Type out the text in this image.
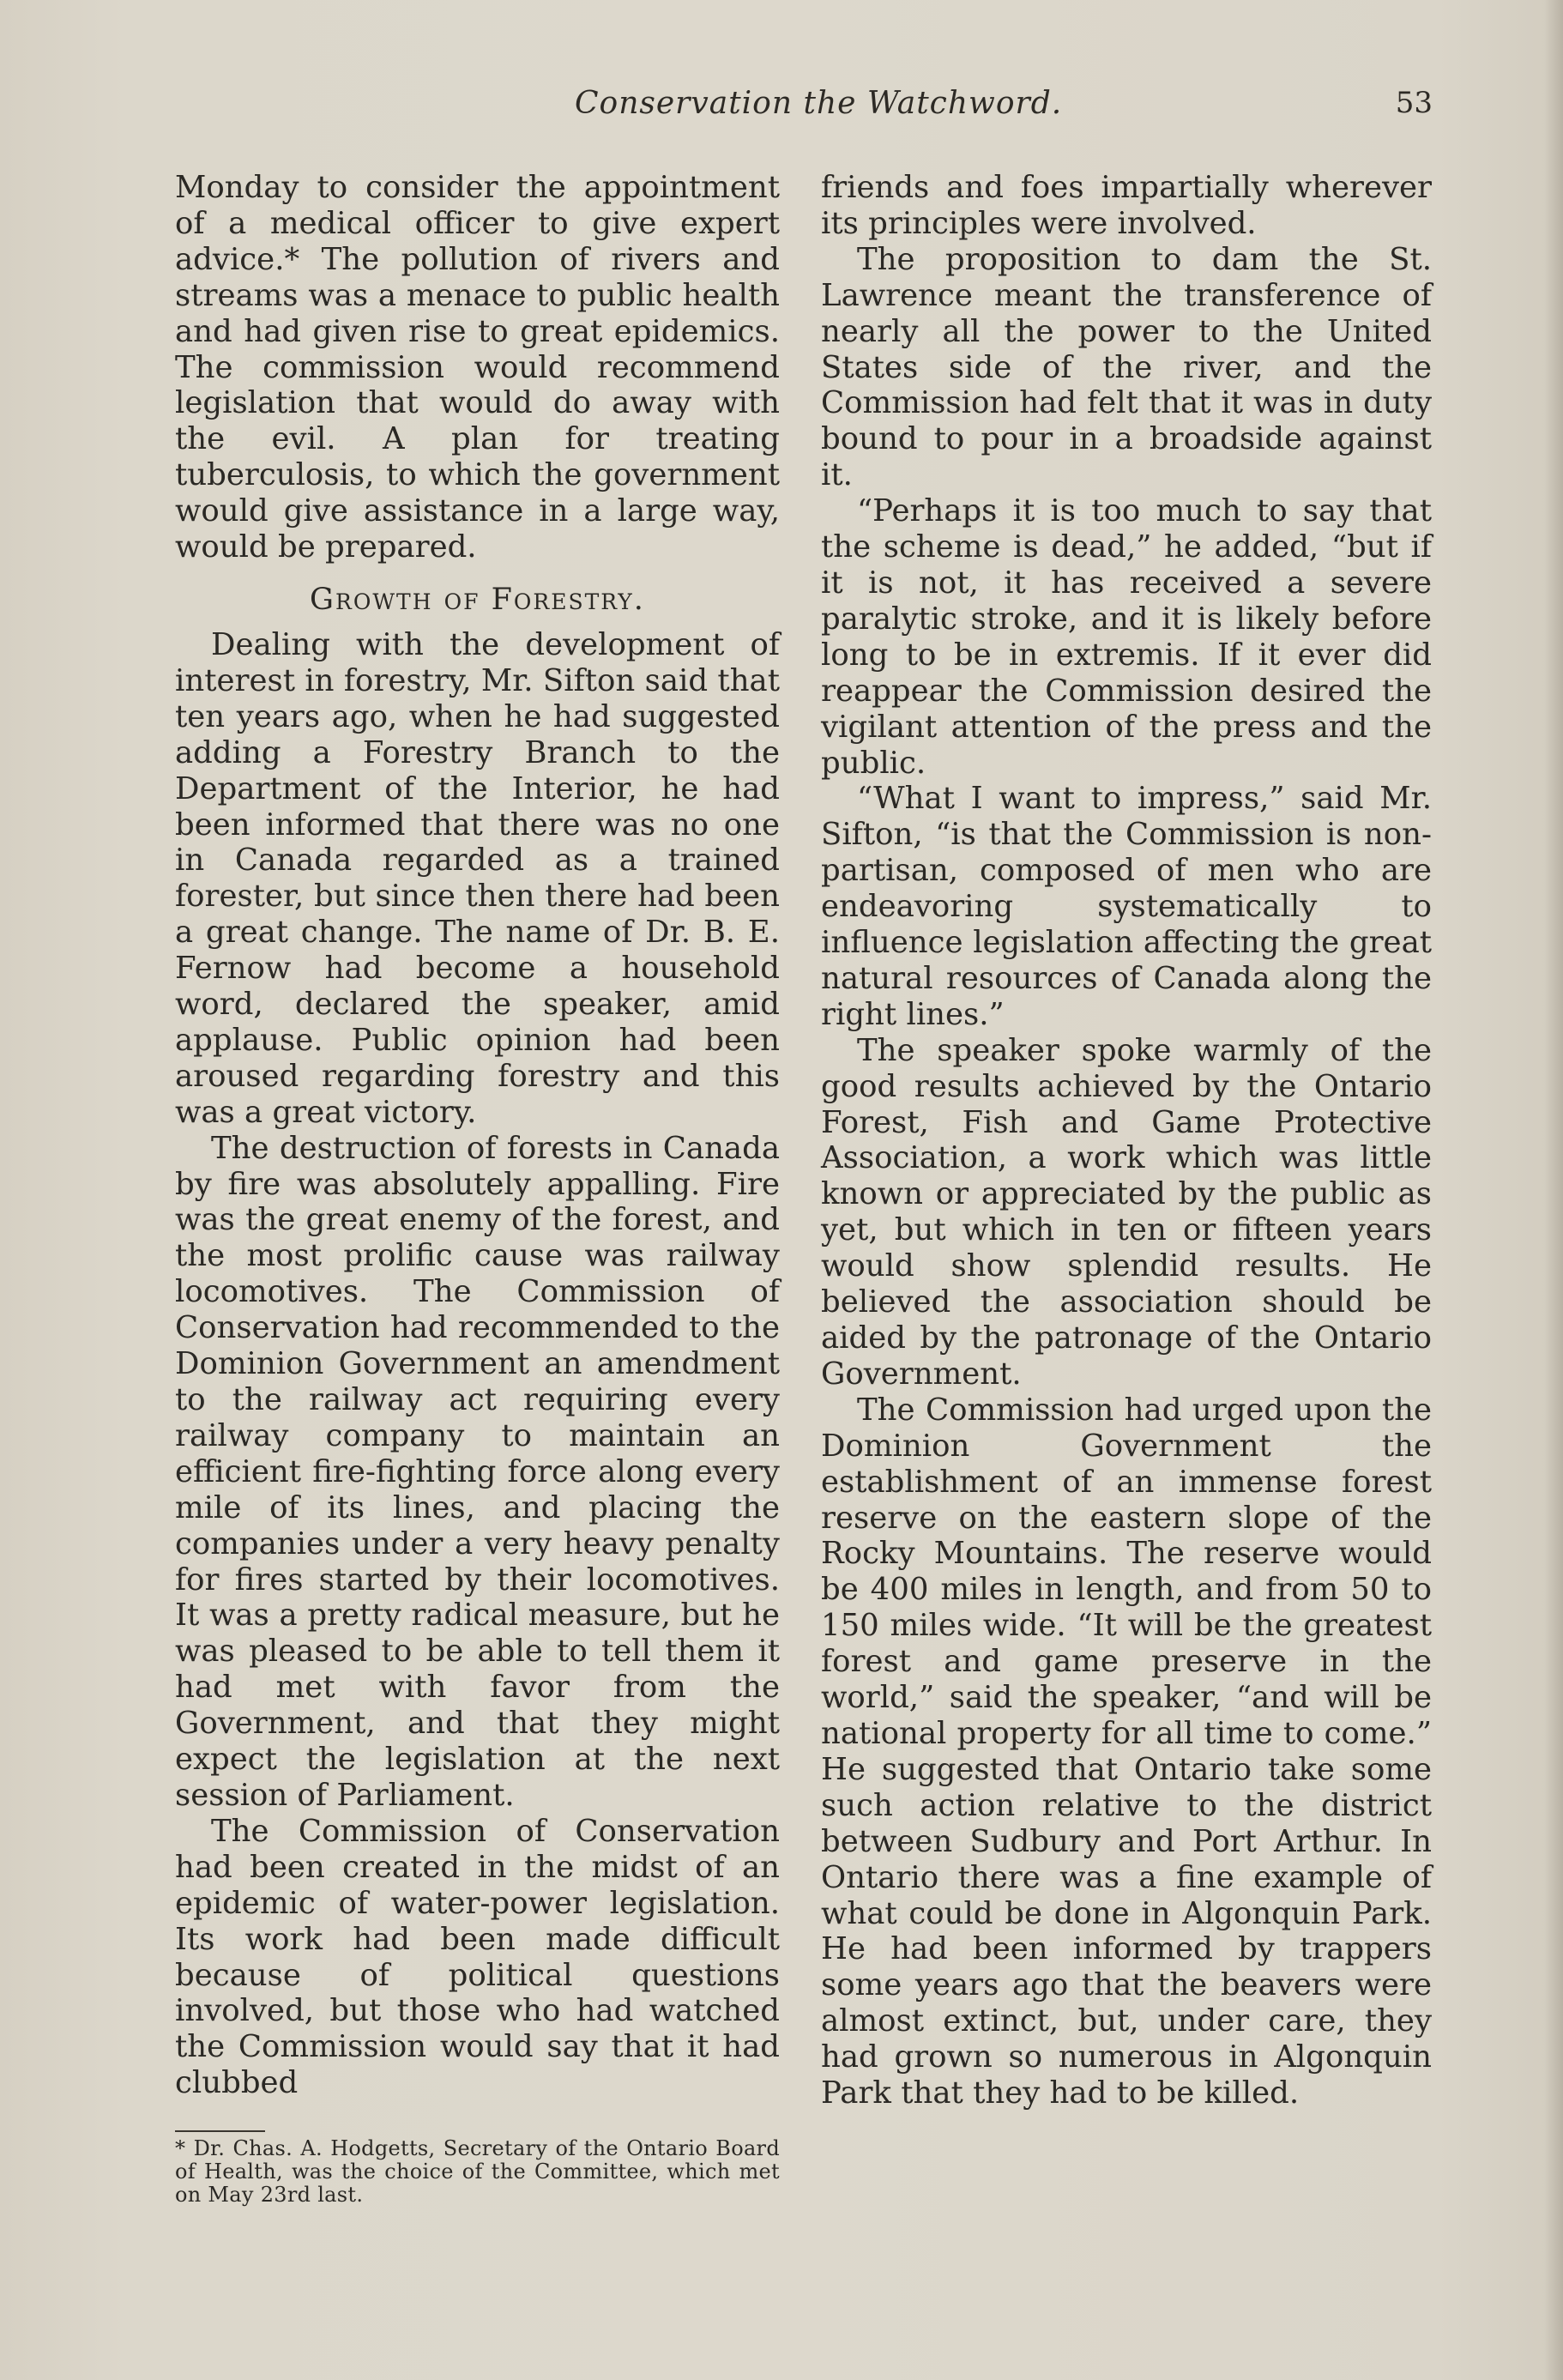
Conservation the Watchword.	53

Monday to consider the appointment of a medical officer to give expert advice.* The pollution of rivers and streams was a menace to public health and had given rise to great epidemics. The commission would recommend legislation that would do away with the evil. A plan for treating tuberculosis, to which the government would give assistance in a large way, would be prepared.

Growth of Forestry.

Dealing with the development of interest in forestry, Mr. Sifton said that ten years ago, when he had suggested adding a Forestry Branch to the Department of the Interior, he had been informed that there was no one in Canada regarded as a trained forester, but since then there had been a great change. The name of Dr. B. E. Fernow had become a household word, declared the speaker, amid applause. Public opinion had been aroused regarding forestry and this was a great victory.

The destruction of forests in Canada by fire was absolutely appalling. Fire was the great enemy of the forest, and the most prolific cause was railway locomotives. The Commission of Conservation had recommended to the Dominion Government an amendment to the railway act requiring every railway company to maintain an efficient fire-fighting force along every mile of its lines, and placing the companies under a very heavy penalty for fires started by their locomotives. It was a pretty radical measure, but he was pleased to be able to tell them it had met with favor from the Government, and that they might expect the legislation at the next session of Parliament.

The Commission of Conservation had been created in the midst of an epidemic of water-power legislation. Its work had been made difficult because of political questions involved, but those who had watched the Commission would say that it had clubbed

* Dr. Chas. A. Hodgetts, Secretary of the Ontario Board of Health, was the choice of the Committee, which met on May 23rd last.

friends and foes impartially wherever its principles were involved.

The proposition to dam the St. Lawrence meant the transference of nearly all the power to the United States side of the river, and the Commission had felt that it was in duty bound to pour in a broadside against it.

“Perhaps it is too much to say that the scheme is dead,” he added, “but if it is not, it has received a severe paralytic stroke, and it is likely before long to be in extremis. If it ever did reappear the Commission desired the vigilant attention of the press and the public.

“What I want to impress,” said Mr. Sifton, “is that the Commission is non-partisan, composed of men who are endeavoring systematically to influence legislation affecting the great natural resources of Canada along the right lines.”

The speaker spoke warmly of the good results achieved by the Ontario Forest, Fish and Game Protective Association, a work which was little known or appreciated by the public as yet, but which in ten or fifteen years would show splendid results. He believed the association should be aided by the patronage of the Ontario Government.

The Commission had urged upon the Dominion Government the establishment of an immense forest reserve on the eastern slope of the Rocky Mountains. The reserve would be 400 miles in length, and from 50 to 150 miles wide. “It will be the greatest forest and game preserve in the world,” said the speaker, “and will be national property for all time to come.” He suggested that Ontario take some such action relative to the district between Sudbury and Port Arthur. In Ontario there was a fine example of what could be done in Algonquin Park. He had been informed by trappers some years ago that the beavers were almost extinct, but, under care, they had grown so numerous in Algonquin Park that they had to be killed.
